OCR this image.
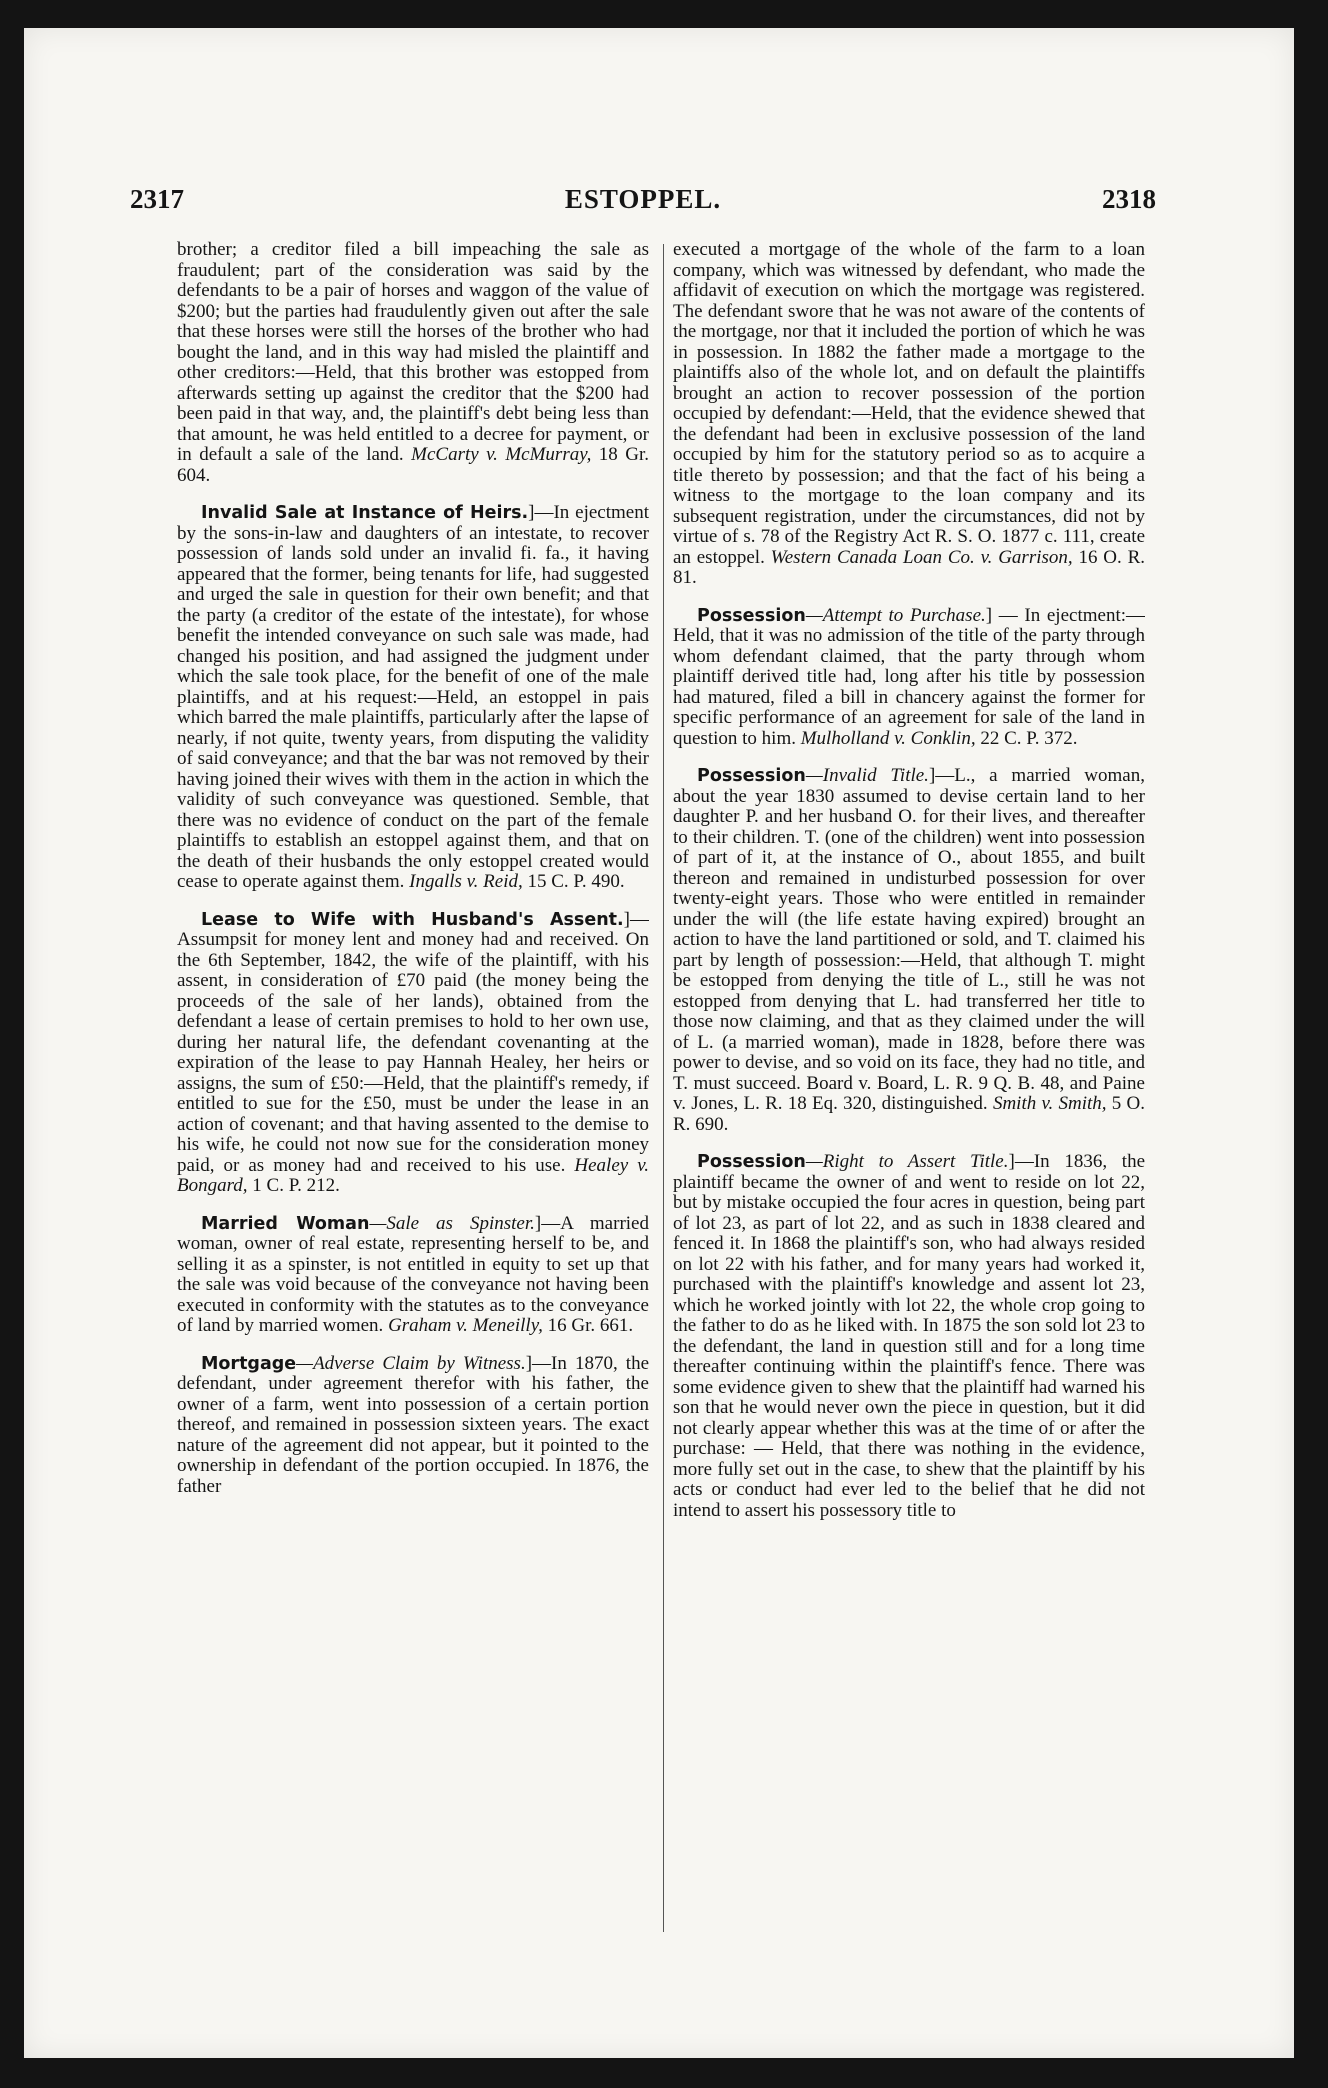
2317	ESTOPPEL.	2318

brother; a creditor filed a bill impeaching the sale as fraudulent; part of the consideration was said by the defendants to be a pair of horses and waggon of the value of $200; but the parties had fraudulently given out after the sale that these horses were still the horses of the brother who had bought the land, and in this way had misled the plaintiff and other creditors:—Held, that this brother was estopped from afterwards setting up against the creditor that the $200 had been paid in that way, and, the plaintiff's debt being less than that amount, he was held entitled to a decree for payment, or in default a sale of the land. McCarty v. McMurray, 18 Gr. 604.

Invalid Sale at Instance of Heirs.]—In ejectment by the sons-in-law and daughters of an intestate, to recover possession of lands sold under an invalid fi. fa., it having appeared that the former, being tenants for life, had suggested and urged the sale in question for their own benefit; and that the party (a creditor of the estate of the intestate), for whose benefit the intended conveyance on such sale was made, had changed his position, and had assigned the judgment under which the sale took place, for the benefit of one of the male plaintiffs, and at his request:—Held, an estoppel in pais which barred the male plaintiffs, particularly after the lapse of nearly, if not quite, twenty years, from disputing the validity of said conveyance; and that the bar was not removed by their having joined their wives with them in the action in which the validity of such conveyance was questioned. Semble, that there was no evidence of conduct on the part of the female plaintiffs to establish an estoppel against them, and that on the death of their husbands the only estoppel created would cease to operate against them. Ingalls v. Reid, 15 C. P. 490.

Lease to Wife with Husband's Assent.]—Assumpsit for money lent and money had and received. On the 6th September, 1842, the wife of the plaintiff, with his assent, in consideration of £70 paid (the money being the proceeds of the sale of her lands), obtained from the defendant a lease of certain premises to hold to her own use, during her natural life, the defendant covenanting at the expiration of the lease to pay Hannah Healey, her heirs or assigns, the sum of £50:—Held, that the plaintiff's remedy, if entitled to sue for the £50, must be under the lease in an action of covenant; and that having assented to the demise to his wife, he could not now sue for the consideration money paid, or as money had and received to his use. Healey v. Bongard, 1 C. P. 212.

Married Woman—Sale as Spinster.]—A married woman, owner of real estate, representing herself to be, and selling it as a spinster, is not entitled in equity to set up that the sale was void because of the conveyance not having been executed in conformity with the statutes as to the conveyance of land by married women. Graham v. Meneilly, 16 Gr. 661.

Mortgage—Adverse Claim by Witness.]—In 1870, the defendant, under agreement therefor with his father, the owner of a farm, went into possession of a certain portion thereof, and remained in possession sixteen years. The exact nature of the agreement did not appear, but it pointed to the ownership in defendant of the portion occupied. In 1876, the father

executed a mortgage of the whole of the farm to a loan company, which was witnessed by defendant, who made the affidavit of execution on which the mortgage was registered. The defendant swore that he was not aware of the contents of the mortgage, nor that it included the portion of which he was in possession. In 1882 the father made a mortgage to the plaintiffs also of the whole lot, and on default the plaintiffs brought an action to recover possession of the portion occupied by defendant:—Held, that the evidence shewed that the defendant had been in exclusive possession of the land occupied by him for the statutory period so as to acquire a title thereto by possession; and that the fact of his being a witness to the mortgage to the loan company and its subsequent registration, under the circumstances, did not by virtue of s. 78 of the Registry Act R. S. O. 1877 c. 111, create an estoppel. Western Canada Loan Co. v. Garrison, 16 O. R. 81.

Possession—Attempt to Purchase.] — In ejectment:—Held, that it was no admission of the title of the party through whom defendant claimed, that the party through whom plaintiff derived title had, long after his title by possession had matured, filed a bill in chancery against the former for specific performance of an agreement for sale of the land in question to him. Mulholland v. Conklin, 22 C. P. 372.

Possession—Invalid Title.]—L., a married woman, about the year 1830 assumed to devise certain land to her daughter P. and her husband O. for their lives, and thereafter to their children. T. (one of the children) went into possession of part of it, at the instance of O., about 1855, and built thereon and remained in undisturbed possession for over twenty-eight years. Those who were entitled in remainder under the will (the life estate having expired) brought an action to have the land partitioned or sold, and T. claimed his part by length of possession:—Held, that although T. might be estopped from denying the title of L., still he was not estopped from denying that L. had transferred her title to those now claiming, and that as they claimed under the will of L. (a married woman), made in 1828, before there was power to devise, and so void on its face, they had no title, and T. must succeed. Board v. Board, L. R. 9 Q. B. 48, and Paine v. Jones, L. R. 18 Eq. 320, distinguished. Smith v. Smith, 5 O. R. 690.

Possession—Right to Assert Title.]—In 1836, the plaintiff became the owner of and went to reside on lot 22, but by mistake occupied the four acres in question, being part of lot 23, as part of lot 22, and as such in 1838 cleared and fenced it. In 1868 the plaintiff's son, who had always resided on lot 22 with his father, and for many years had worked it, purchased with the plaintiff's knowledge and assent lot 23, which he worked jointly with lot 22, the whole crop going to the father to do as he liked with. In 1875 the son sold lot 23 to the defendant, the land in question still and for a long time thereafter continuing within the plaintiff's fence. There was some evidence given to shew that the plaintiff had warned his son that he would never own the piece in question, but it did not clearly appear whether this was at the time of or after the purchase: — Held, that there was nothing in the evidence, more fully set out in the case, to shew that the plaintiff by his acts or conduct had ever led to the belief that he did not intend to assert his possessory title to
